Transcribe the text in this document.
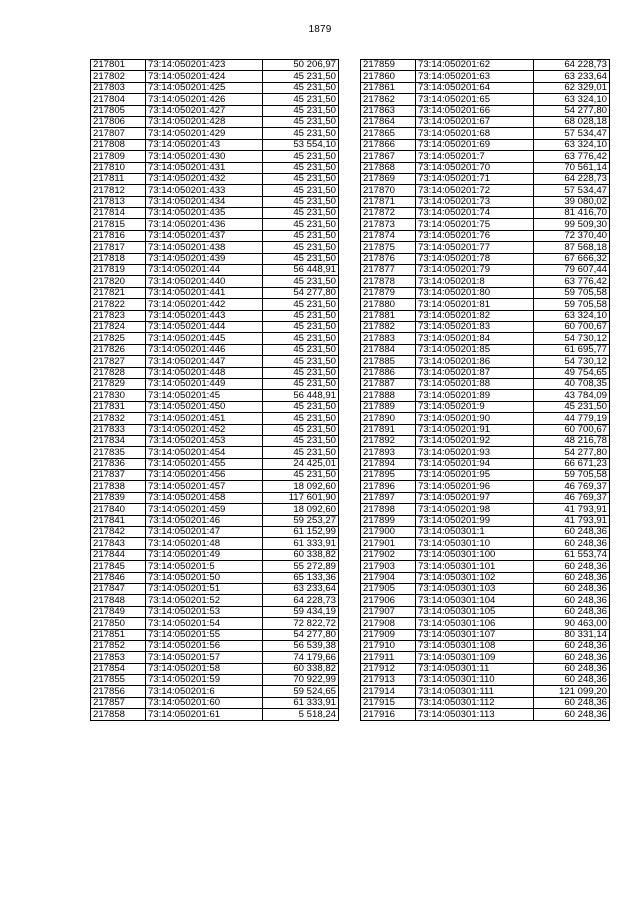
1879
217801	73:14:050201:423	50 206,97
217802	73:14:050201:424	45 231,50
217803	73:14:050201:425	45 231,50
217804	73:14:050201:426	45 231,50
217805	73:14:050201:427	45 231,50
217806	73:14:050201:428	45 231,50
217807	73:14:050201:429	45 231,50
217808	73:14:050201:43	53 554,10
217809	73:14:050201:430	45 231,50
217810	73:14:050201:431	45 231,50
217811	73:14:050201:432	45 231,50
217812	73:14:050201:433	45 231,50
217813	73:14:050201:434	45 231,50
217814	73:14:050201:435	45 231,50
217815	73:14:050201:436	45 231,50
217816	73:14:050201:437	45 231,50
217817	73:14:050201:438	45 231,50
217818	73:14:050201:439	45 231,50
217819	73:14:050201:44	56 448,91
217820	73:14:050201:440	45 231,50
217821	73:14:050201:441	54 277,80
217822	73:14:050201:442	45 231,50
217823	73:14:050201:443	45 231,50
217824	73:14:050201:444	45 231,50
217825	73:14:050201:445	45 231,50
217826	73:14:050201:446	45 231,50
217827	73:14:050201:447	45 231,50
217828	73:14:050201:448	45 231,50
217829	73:14:050201:449	45 231,50
217830	73:14:050201:45	56 448,91
217831	73:14:050201:450	45 231,50
217832	73:14:050201:451	45 231,50
217833	73:14:050201:452	45 231,50
217834	73:14:050201:453	45 231,50
217835	73:14:050201:454	45 231,50
217836	73:14:050201:455	24 425,01
217837	73:14:050201:456	45 231,50
217838	73:14:050201:457	18 092,60
217839	73:14:050201:458	117 601,90
217840	73:14:050201:459	18 092,60
217841	73:14:050201:46	59 253,27
217842	73:14:050201:47	61 152,99
217843	73:14:050201:48	61 333,91
217844	73:14:050201:49	60 338,82
217845	73:14:050201:5	55 272,89
217846	73:14:050201:50	65 133,36
217847	73:14:050201:51	63 233,64
217848	73:14:050201:52	64 228,73
217849	73:14:050201:53	59 434,19
217850	73:14:050201:54	72 822,72
217851	73:14:050201:55	54 277,80
217852	73:14:050201:56	56 539,38
217853	73:14:050201:57	74 179,66
217854	73:14:050201:58	60 338,82
217855	73:14:050201:59	70 922,99
217856	73:14:050201:6	59 524,65
217857	73:14:050201:60	61 333,91
217858	73:14:050201:61	5 518,24
217859	73:14:050201:62	64 228,73
217860	73:14:050201:63	63 233,64
217861	73:14:050201:64	62 329,01
217862	73:14:050201:65	63 324,10
217863	73:14:050201:66	54 277,80
217864	73:14:050201:67	68 028,18
217865	73:14:050201:68	57 534,47
217866	73:14:050201:69	63 324,10
217867	73:14:050201:7	63 776,42
217868	73:14:050201:70	70 561,14
217869	73:14:050201:71	64 228,73
217870	73:14:050201:72	57 534,47
217871	73:14:050201:73	39 080,02
217872	73:14:050201:74	81 416,70
217873	73:14:050201:75	99 509,30
217874	73:14:050201:76	72 370,40
217875	73:14:050201:77	87 568,18
217876	73:14:050201:78	67 666,32
217877	73:14:050201:79	79 607,44
217878	73:14:050201:8	63 776,42
217879	73:14:050201:80	59 705,58
217880	73:14:050201:81	59 705,58
217881	73:14:050201:82	63 324,10
217882	73:14:050201:83	60 700,67
217883	73:14:050201:84	54 730,12
217884	73:14:050201:85	61 695,77
217885	73:14:050201:86	54 730,12
217886	73:14:050201:87	49 754,65
217887	73:14:050201:88	40 708,35
217888	73:14:050201:89	43 784,09
217889	73:14:050201:9	45 231,50
217890	73:14:050201:90	44 779,19
217891	73:14:050201:91	60 700,67
217892	73:14:050201:92	48 216,78
217893	73:14:050201:93	54 277,80
217894	73:14:050201:94	66 671,23
217895	73:14:050201:95	59 705,58
217896	73:14:050201:96	46 769,37
217897	73:14:050201:97	46 769,37
217898	73:14:050201:98	41 793,91
217899	73:14:050201:99	41 793,91
217900	73:14:050301:1	60 248,36
217901	73:14:050301:10	60 248,36
217902	73:14:050301:100	61 553,74
217903	73:14:050301:101	60 248,36
217904	73:14:050301:102	60 248,36
217905	73:14:050301:103	60 248,36
217906	73:14:050301:104	60 248,36
217907	73:14:050301:105	60 248,36
217908	73:14:050301:106	90 463,00
217909	73:14:050301:107	80 331,14
217910	73:14:050301:108	60 248,36
217911	73:14:050301:109	60 248,36
217912	73:14:050301:11	60 248,36
217913	73:14:050301:110	60 248,36
217914	73:14:050301:111	121 099,20
217915	73:14:050301:112	60 248,36
217916	73:14:050301:113	60 248,36
